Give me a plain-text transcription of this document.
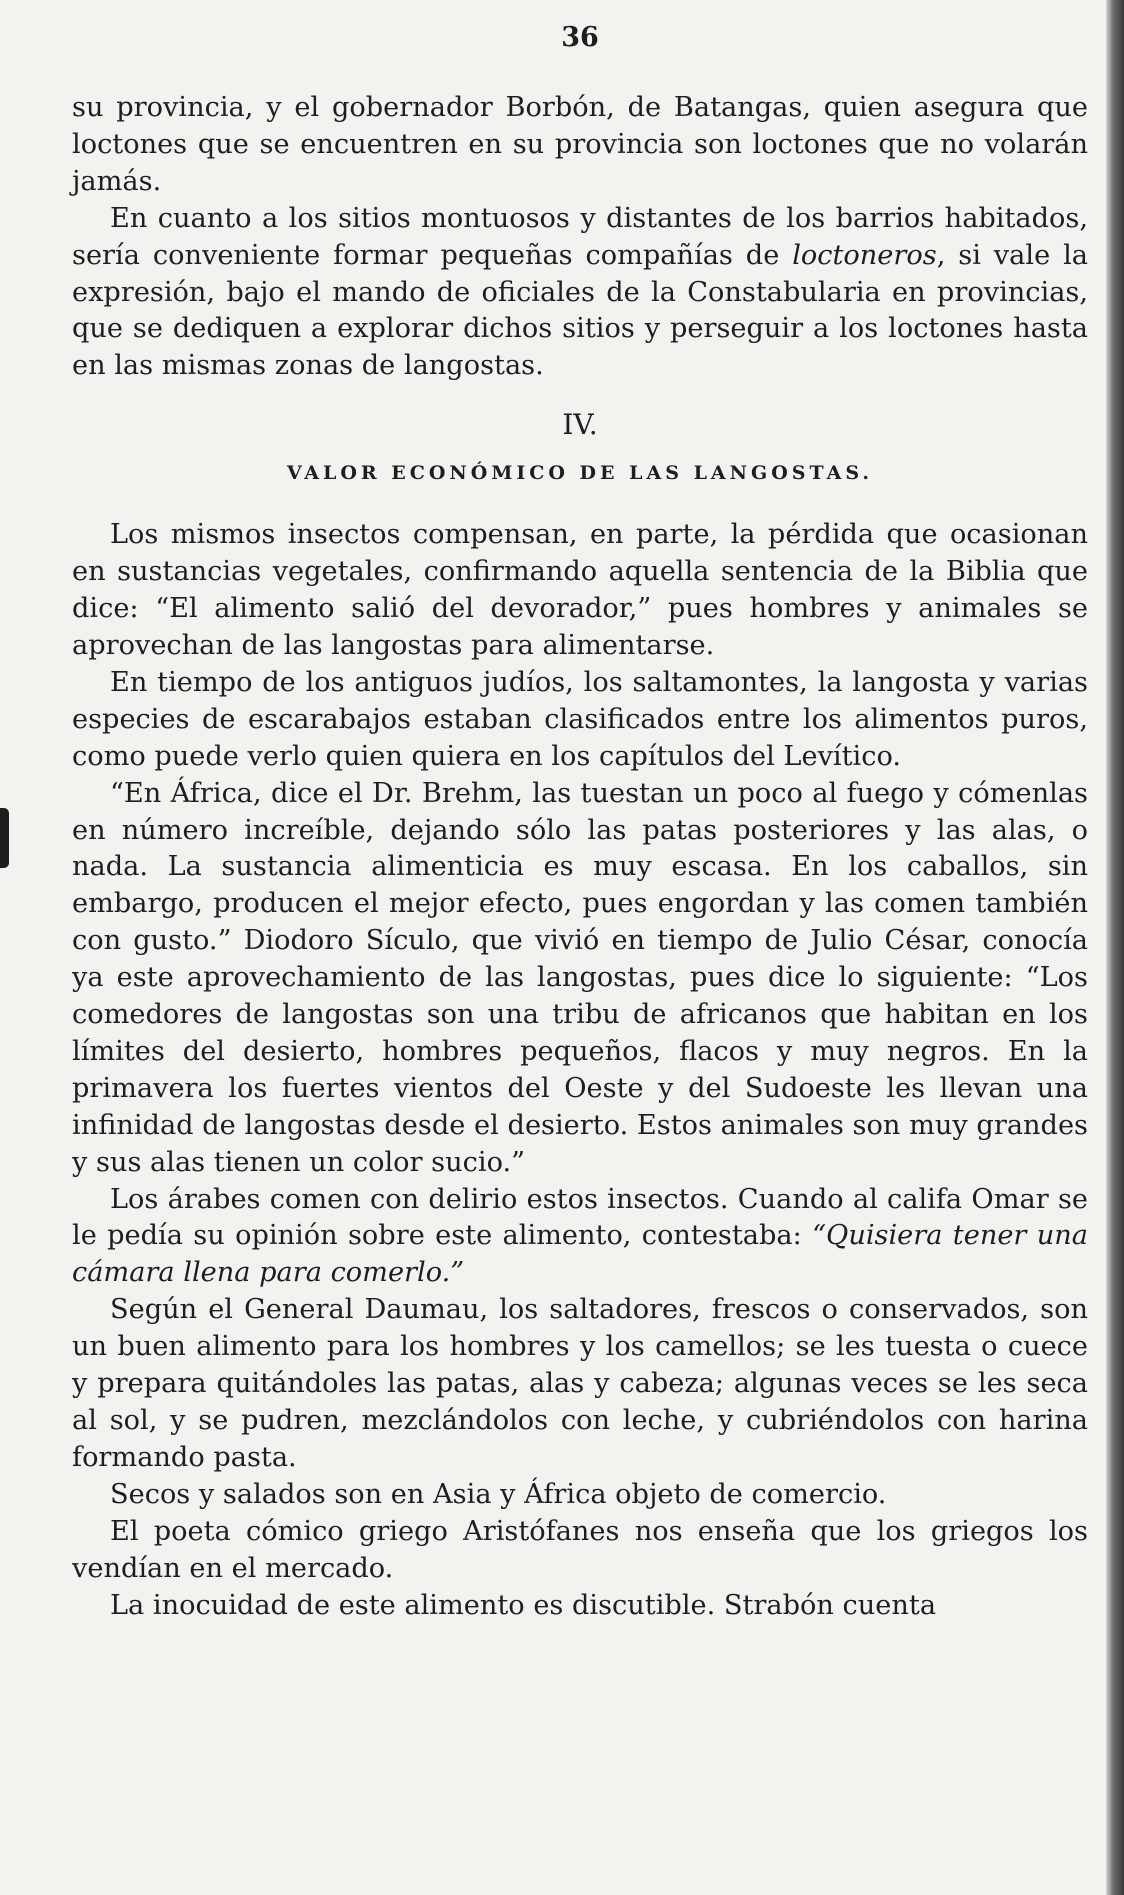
36

su provincia, y el gobernador Borbón, de Batangas, quien asegura que loctones que se encuentren en su provincia son loctones que no volarán jamás.

En cuanto a los sitios montuosos y distantes de los barrios habitados, sería conveniente formar pequeñas compañías de loctoneros, si vale la expresión, bajo el mando de oficiales de la Constabularia en provincias, que se dediquen a explorar dichos sitios y perseguir a los loctones hasta en las mismas zonas de langostas.

IV.
VALOR ECONÓMICO DE LAS LANGOSTAS.

Los mismos insectos compensan, en parte, la pérdida que ocasionan en sustancias vegetales, confirmando aquella sentencia de la Biblia que dice: “El alimento salió del devorador,” pues hombres y animales se aprovechan de las langostas para alimentarse.

En tiempo de los antiguos judíos, los saltamontes, la langosta y varias especies de escarabajos estaban clasificados entre los alimentos puros, como puede verlo quien quiera en los capítulos del Levítico.

“En África, dice el Dr. Brehm, las tuestan un poco al fuego y cómenlas en número increíble, dejando sólo las patas posteriores y las alas, o nada. La sustancia alimenticia es muy escasa. En los caballos, sin embargo, producen el mejor efecto, pues engordan y las comen también con gusto.” Diodoro Sículo, que vivió en tiempo de Julio César, conocía ya este aprovechamiento de las langostas, pues dice lo siguiente: “Los comedores de langostas son una tribu de africanos que habitan en los límites del desierto, hombres pequeños, flacos y muy negros. En la primavera los fuertes vientos del Oeste y del Sudoeste les llevan una infinidad de langostas desde el desierto. Estos animales son muy grandes y sus alas tienen un color sucio.”

Los árabes comen con delirio estos insectos. Cuando al califa Omar se le pedía su opinión sobre este alimento, contestaba: “Quisiera tener una cámara llena para comerlo.”

Según el General Daumau, los saltadores, frescos o conservados, son un buen alimento para los hombres y los camellos; se les tuesta o cuece y prepara quitándoles las patas, alas y cabeza; algunas veces se les seca al sol, y se pudren, mezclándolos con leche, y cubriéndolos con harina formando pasta.

Secos y salados son en Asia y África objeto de comercio.

El poeta cómico griego Aristófanes nos enseña que los griegos los vendían en el mercado.

La inocuidad de este alimento es discutible. Strabón cuenta
